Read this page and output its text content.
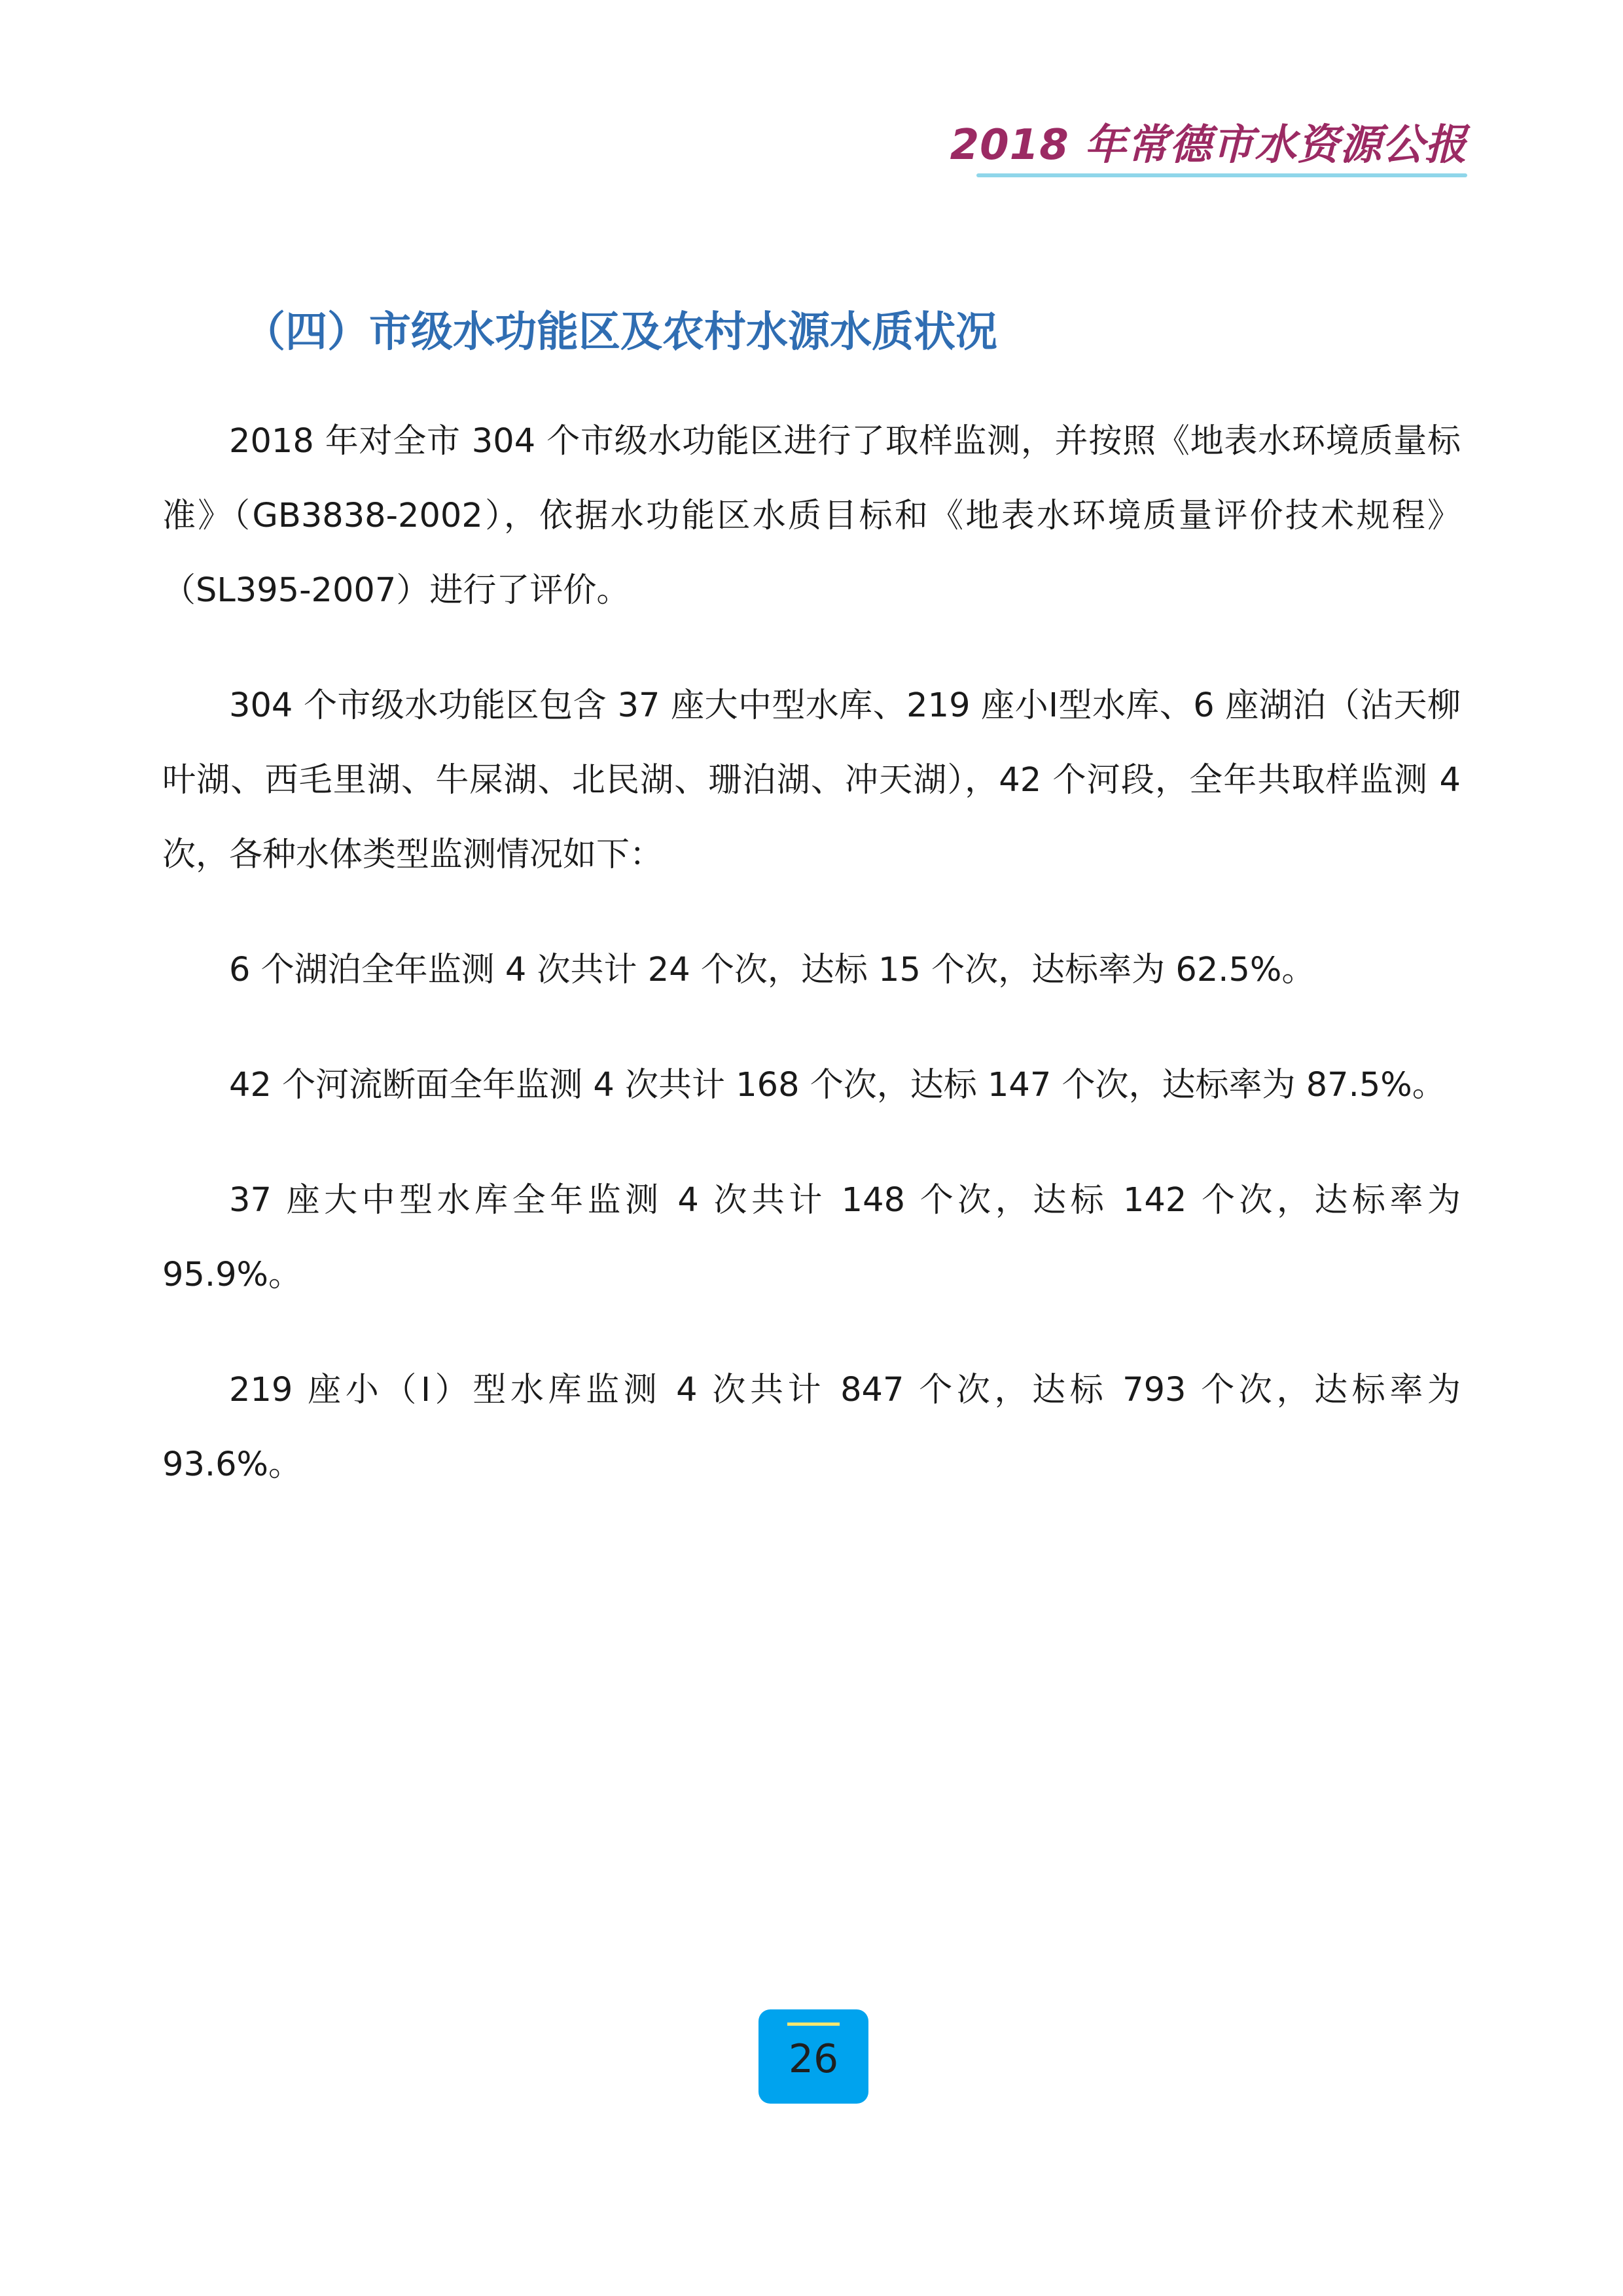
2018 年常德市水资源公报
（四）市级水功能区及农村水源水质状况

2018 年对全市 304 个市级水功能区进行了取样监测，并按照《地表水环境质量标准》（GB3838-2002），依据水功能区水质目标和《地表水环境质量评价技术规程》（SL395-2007）进行了评价。

304 个市级水功能区包含 37 座大中型水库、219 座小Ⅰ型水库、6 座湖泊（沾天柳叶湖、西毛里湖、牛屎湖、北民湖、珊泊湖、冲天湖），42 个河段，全年共取样监测 4 次，各种水体类型监测情况如下：

6 个湖泊全年监测 4 次共计 24 个次，达标 15 个次，达标率为 62.5%。

42 个河流断面全年监测 4 次共计 168 个次，达标 147 个次，达标率为 87.5%。

37 座大中型水库全年监测 4 次共计 148 个次，达标 142 个次，达标率为 95.9%。

219 座小（Ⅰ）型水库监测 4 次共计 847 个次，达标 793 个次，达标率为 93.6%。

26
